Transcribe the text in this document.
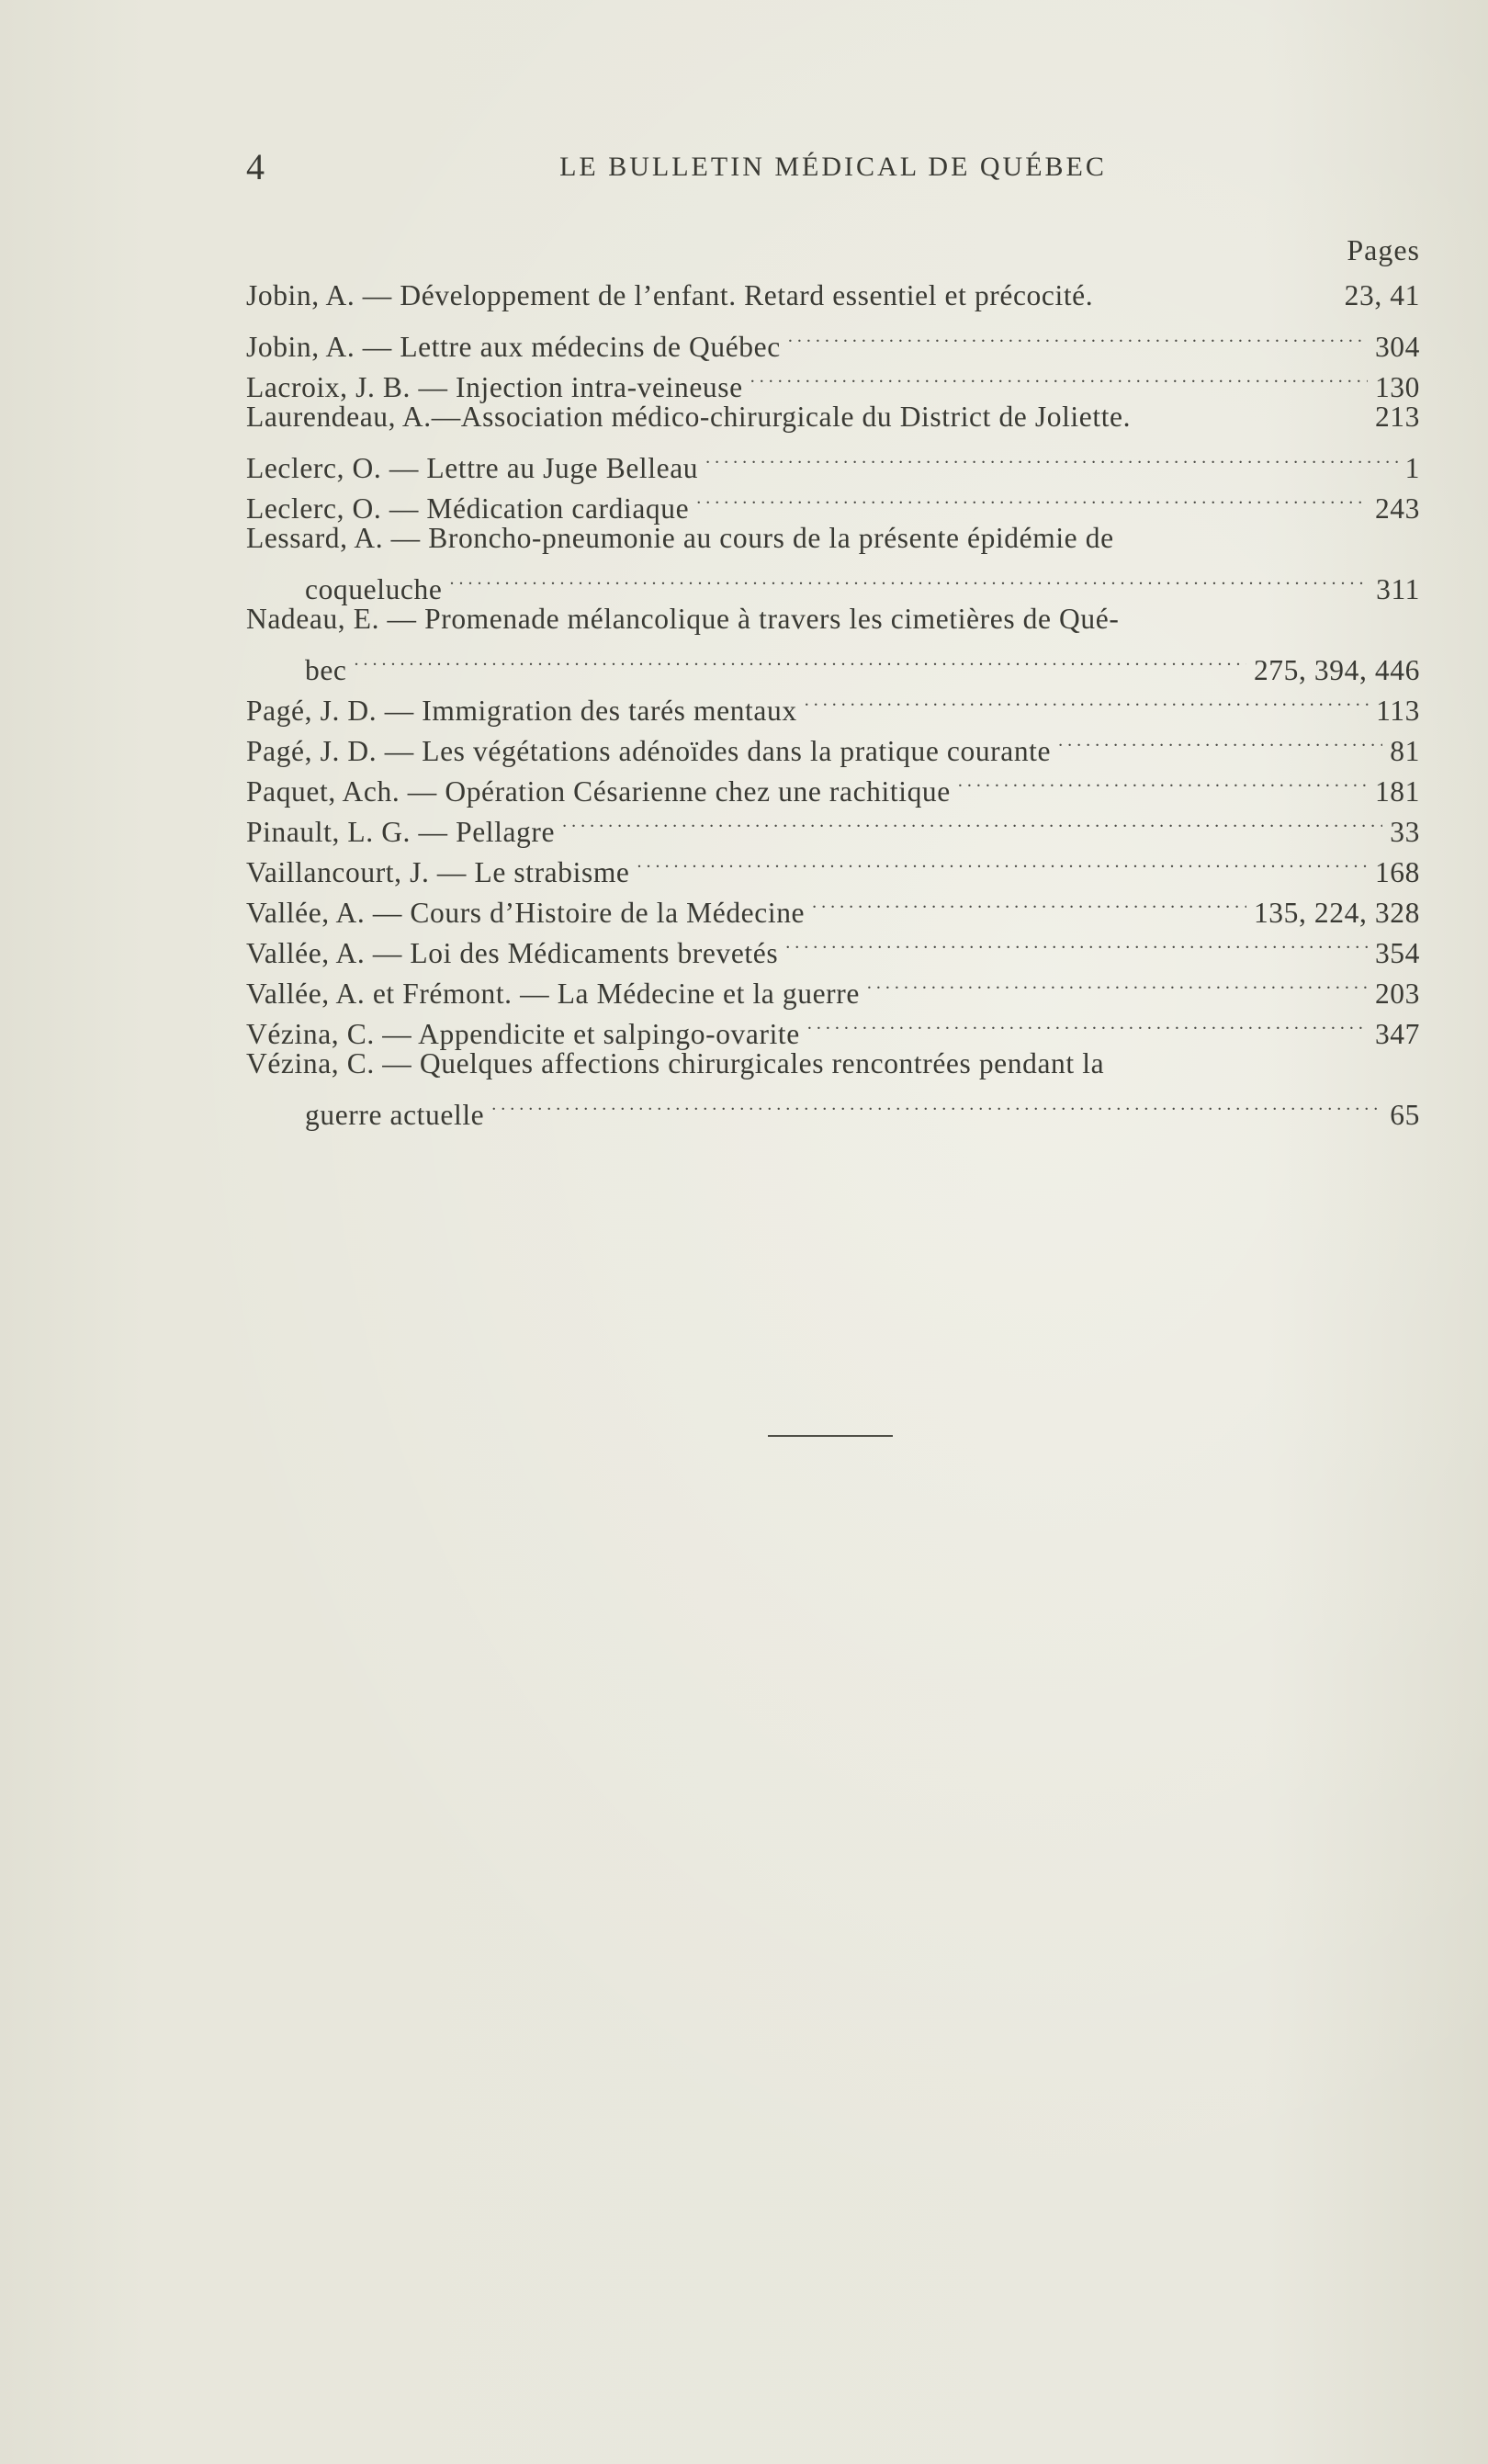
4	LE BULLETIN MÉDICAL DE QUÉBEC
Pages
Jobin, A. — Développement de l’enfant. Retard essentiel et précocité.	23, 41
Jobin, A. — Lettre aux médecins de Québec . . .	304
Lacroix, J. B. — Injection intra-veineuse . . .	130
Laurendeau, A.—Association médico-chirurgicale du District de Joliette.	213
Leclerc, O. — Lettre au Juge Belleau . . .	1
Leclerc, O. — Médication cardiaque . . .	243
Lessard, A. — Broncho-pneumonie au cours de la présente épidémie de
coqueluche . . .	311
Nadeau, E. — Promenade mélancolique à travers les cimetières de Qué-
bec . . .	275, 394, 446
Pagé, J. D. — Immigration des tarés mentaux . . .	113
Pagé, J. D. — Les végétations adénoïdes dans la pratique courante . . .	81
Paquet, Ach. — Opération Césarienne chez une rachitique . . .	181
Pinault, L. G. — Pellagre . . .	33
Vaillancourt, J. — Le strabisme . . .	168
Vallée, A. — Cours d’Histoire de la Médecine . . .	135, 224, 328
Vallée, A. — Loi des Médicaments brevetés . . .	354
Vallée, A. et Frémont. — La Médecine et la guerre . . .	203
Vézina, C. — Appendicite et salpingo-ovarite . . .	347
Vézina, C. — Quelques affections chirurgicales rencontrées pendant la
guerre actuelle . . .	65
